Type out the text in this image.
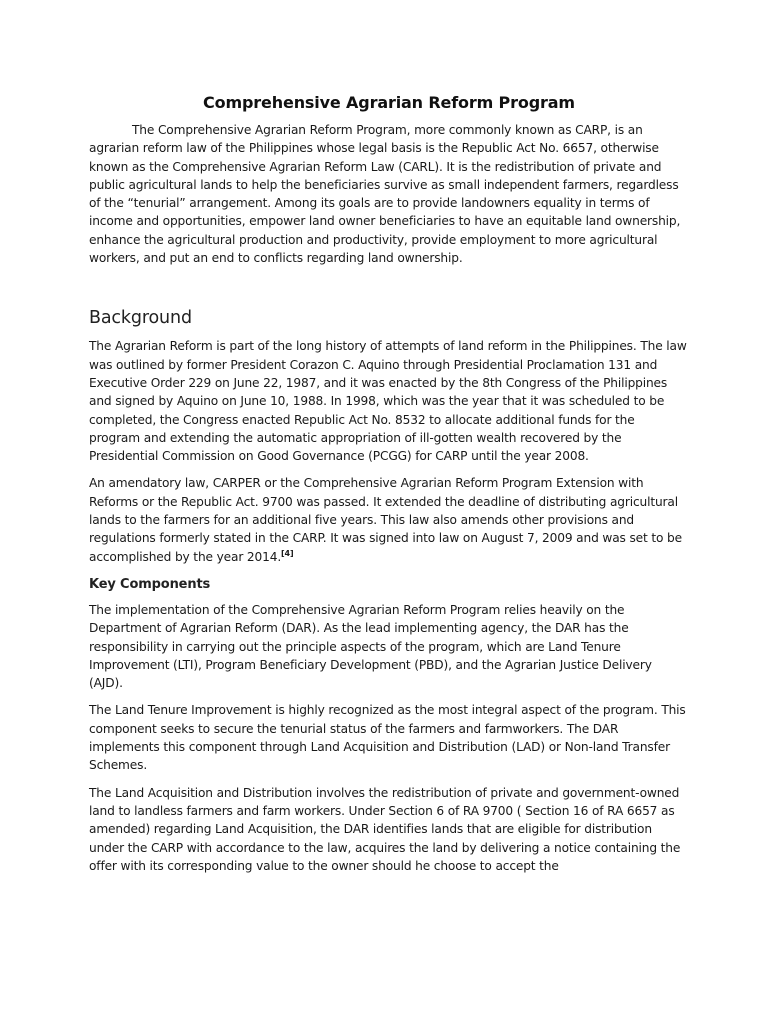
Comprehensive Agrarian Reform Program

The Comprehensive Agrarian Reform Program, more commonly known as CARP, is an agrarian reform law of the Philippines whose legal basis is the Republic Act No. 6657, otherwise known as the Comprehensive Agrarian Reform Law (CARL). It is the redistribution of private and public agricultural lands to help the beneficiaries survive as small independent farmers, regardless of the “tenurial” arrangement. Among its goals are to provide landowners equality in terms of income and opportunities, empower land owner beneficiaries to have an equitable land ownership, enhance the agricultural production and productivity, provide employment to more agricultural workers, and put an end to conflicts regarding land ownership.

Background

The Agrarian Reform is part of the long history of attempts of land reform in the Philippines. The law was outlined by former President Corazon C. Aquino through Presidential Proclamation 131 and Executive Order 229 on June 22, 1987, and it was enacted by the 8th Congress of the Philippines and signed by Aquino on June 10, 1988. In 1998, which was the year that it was scheduled to be completed, the Congress enacted Republic Act No. 8532 to allocate additional funds for the program and extending the automatic appropriation of ill-gotten wealth recovered by the Presidential Commission on Good Governance (PCGG) for CARP until the year 2008.

An amendatory law, CARPER or the Comprehensive Agrarian Reform Program Extension with Reforms or the Republic Act. 9700 was passed. It extended the deadline of distributing agricultural lands to the farmers for an additional five years. This law also amends other provisions and regulations formerly stated in the CARP. It was signed into law on August 7, 2009 and was set to be accomplished by the year 2014.[4]

Key Components

The implementation of the Comprehensive Agrarian Reform Program relies heavily on the Department of Agrarian Reform (DAR). As the lead implementing agency, the DAR has the responsibility in carrying out the principle aspects of the program, which are Land Tenure Improvement (LTI), Program Beneficiary Development (PBD), and the Agrarian Justice Delivery (AJD).

The Land Tenure Improvement is highly recognized as the most integral aspect of the program. This component seeks to secure the tenurial status of the farmers and farmworkers. The DAR implements this component through Land Acquisition and Distribution (LAD) or Non-land Transfer Schemes.

The Land Acquisition and Distribution involves the redistribution of private and government-owned land to landless farmers and farm workers. Under Section 6 of RA 9700 ( Section 16 of RA 6657 as amended) regarding Land Acquisition, the DAR identifies lands that are eligible for distribution under the CARP with accordance to the law, acquires the land by delivering a notice containing the offer with its corresponding value to the owner should he choose to accept the
